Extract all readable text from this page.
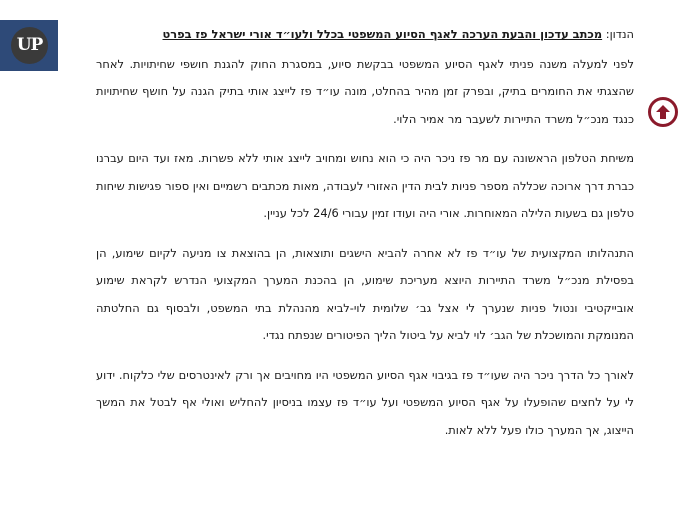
UP

הנדון: מכתב עדכון והבעת הערכה לאגף הסיוע המשפטי בכלל ולעו״ד אורי ישראל פז בפרט

לפני למעלה משנה פניתי לאגף הסיוע המשפטי בבקשת סיוע, במסגרת החוק להגנת חושפי שחיתויות. לאחר שהצגתי את החומרים בתיק, ובפרק זמן מהיר בהחלט, מונה עו״ד פז לייצג אותי בתיק הגנה על חושף שחיתויות כנגד מנכ״ל משרד התיירות לשעבר מר אמיר הלוי.

משיחת הטלפון הראשונה עם מר פז ניכר היה כי הוא נחוש ומחויב לייצג אותי ללא פשרות. מאז ועד היום עברנו כברת דרך ארוכה שכללה מספר פניות לבית הדין האזורי לעבודה, מאות מכתבים רשמיים ואין ספור פגישות שיחות טלפון גם בשעות הלילה המאוחרות. אורי היה ועודו זמין עבורי 24/6 לכל עניין.

התנהלותו המקצועית של עו״ד פז לא אחרה להביא הישגים ותוצאות, הן בהוצאת צו מניעה לקיום שימוע, הן בפסילת מנכ״ל משרד התיירות היוצא מעריכת שימוע, הן בהכנת המערך המקצועי הנדרש לקראת שימוע אובייקטיבי ונטול פניות שנערך לי אצל גב׳ שלומית לוי-לביא מהנהלת בתי המשפט, ולבסוף גם החלטתה המנומקת והמושכלת של הגב׳ לוי לביא על ביטול הליך הפיטורים שנפתח נגדי.

לאורך כל הדרך ניכר היה שעו״ד פז בגיבוי אגף הסיוע המשפטי היו מחויבים אך ורק לאינטרסים שלי כלקוח. ידוע לי על לחצים שהופעלו על אגף הסיוע המשפטי ועל עו״ד פז עצמו בניסיון להחליש ואולי אף לבטל את המשך הייצוג, אך המערך כולו פעל ללא לאות.
